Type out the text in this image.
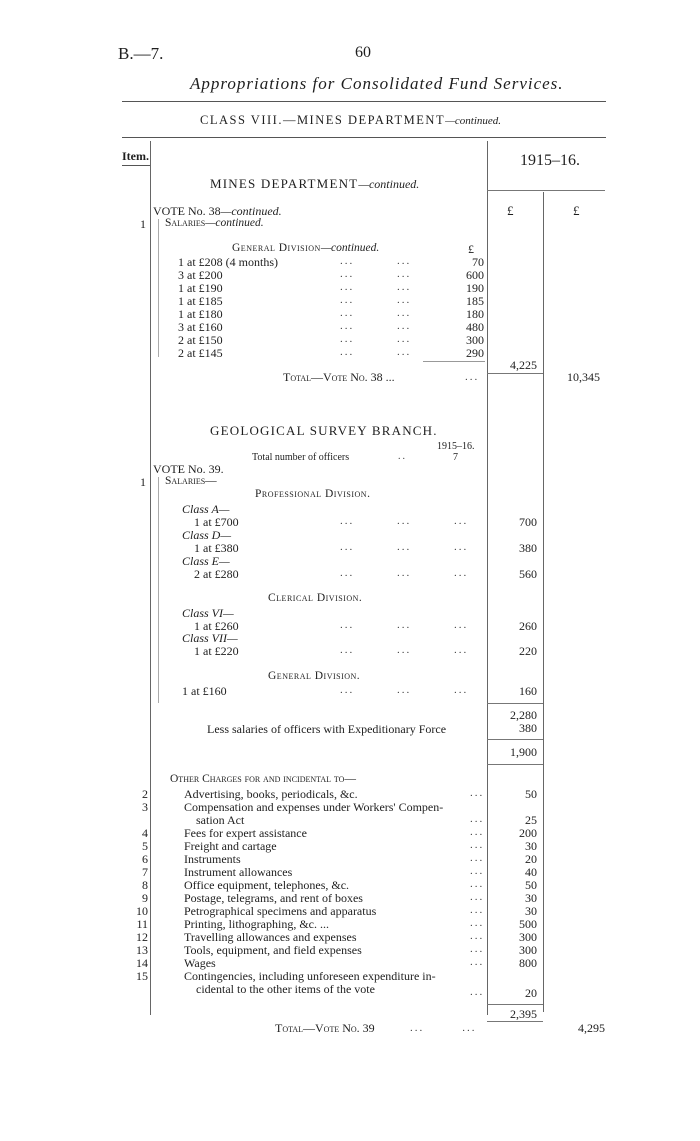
B.—7.	60
Appropriations for Consolidated Fund Services.
CLASS VIII.—MINES DEPARTMENT—continued.
Item.	1915–16.
£	£
MINES DEPARTMENT—continued.
VOTE No. 38—continued.
1 Salaries—continued.
General Division—continued.	£
1 at £208 (4 months)	...         ...	70
3 at £200	...         ...	600
1 at £190	...         ...	190
1 at £185	...         ...	185
1 at £180	...         ...	180
3 at £160	...         ...	480
2 at £150	...         ...	300
2 at £145	...         ...	290
4,225
Total—Vote No. 38 ...	...	10,345
GEOLOGICAL SURVEY BRANCH.
1915–16.
Total number of officers	..	7
VOTE No. 39.
1 Salaries—
Professional Division.
Class A—
1 at £700	...         ...         ...	700
Class D—
1 at £380	...         ...         ...	380
Class E—
2 at £280	...         ...         ...	560
Clerical Division.
Class VI—
1 at £260	...         ...         ...	260
Class VII—
1 at £220	...         ...         ...	220
General Division.
1 at £160	...         ...         ...	160
2,280
Less salaries of officers with Expeditionary Force	380
1,900
Other Charges for and incidental to—
2	Advertising, books, periodicals, &c.	...	50
3	Compensation and expenses under Workers' Compen-
sation Act	...	25
4	Fees for expert assistance	...	200
5	Freight and cartage	...	30
6	Instruments	...	20
7	Instrument allowances	...	40
8	Office equipment, telephones, &c.	...	50
9	Postage, telegrams, and rent of boxes	...	30
10	Petrographical specimens and apparatus	...	30
11	Printing, lithographing, &c. ...	...	500
12	Travelling allowances and expenses	...	300
13	Tools, equipment, and field expenses	...	300
14	Wages	...	800
15	Contingencies, including unforeseen expenditure in-
cidental to the other items of the vote	...	20
2,395
Total—Vote No. 39	...        ...	4,295
